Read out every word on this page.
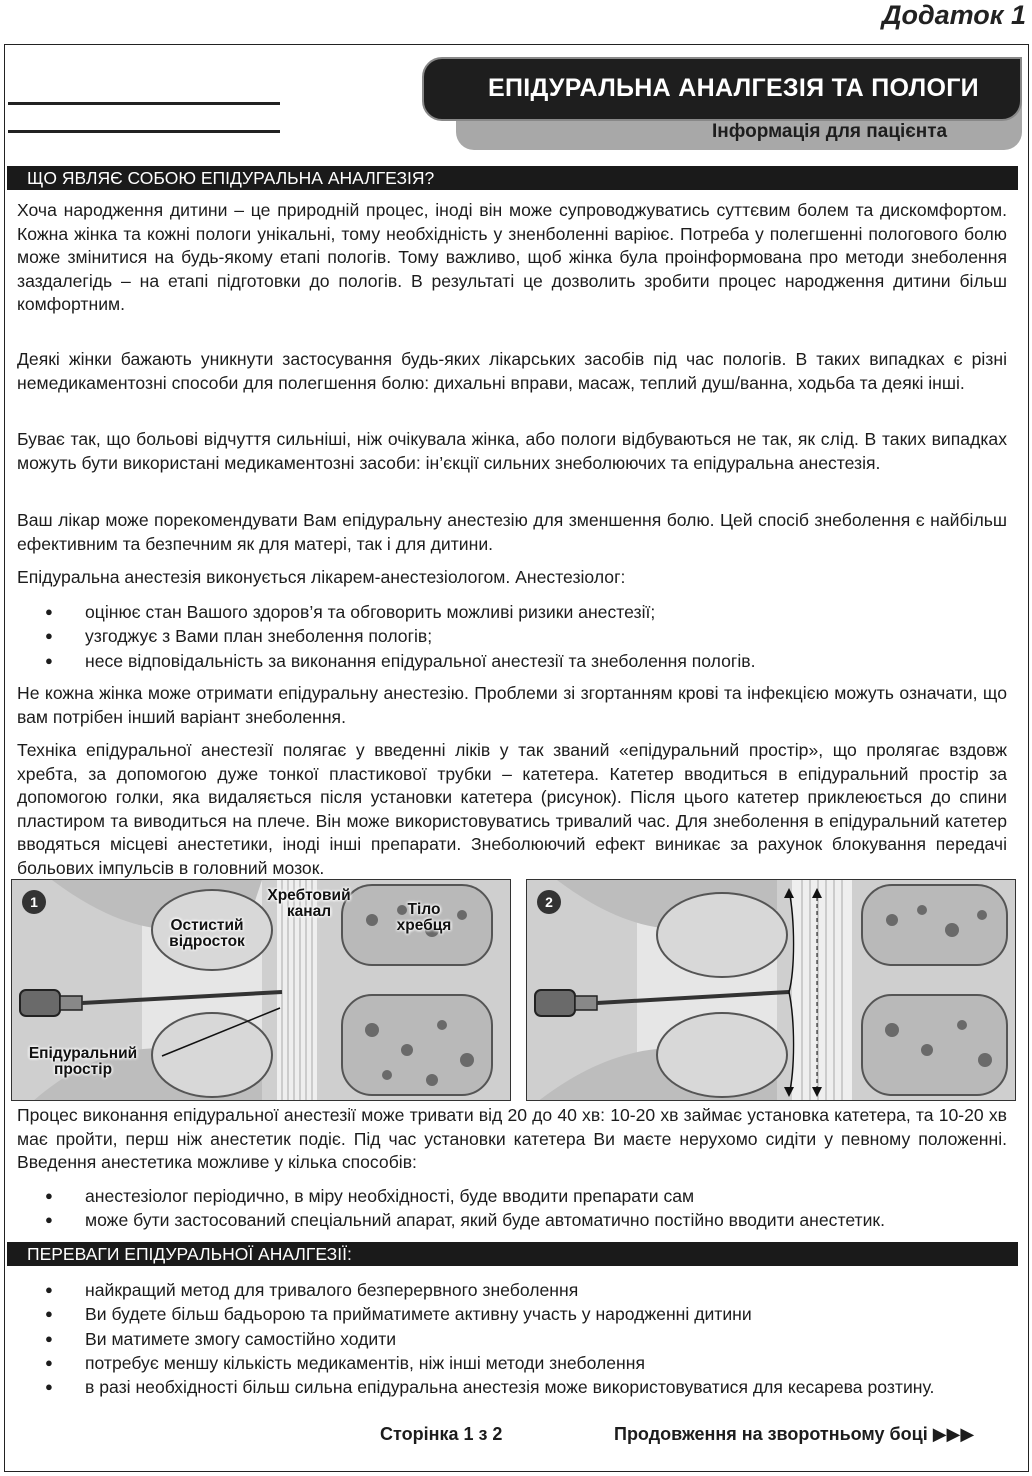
Додаток 1
ЕПІДУРАЛЬНА АНАЛГЕЗІЯ ТА ПОЛОГИ
Інформація для пацієнта
ЩО ЯВЛЯЄ СОБОЮ ЕПІДУРАЛЬНА АНАЛГЕЗІЯ?

Хоча народження дитини – це природній процес, іноді він може супроводжуватись суттєвим болем та дискомфортом. Кожна жінка та кожні пологи унікальні, тому необхідність у зненболенні варіює. Потреба у полегшенні пологового болю може змінитися на будь-якому етапі пологів. Тому важливо, щоб жінка була проінформована про методи знеболення заздалегідь – на етапі підготовки до пологів. В результаті це дозволить зробити процес народження дитини більш комфортним.

Деякі жінки бажають уникнути застосування будь-яких лікарських засобів під час пологів. В таких випадках є різні немедикаментозні способи для полегшення болю: дихальні вправи, масаж, теплий душ/ванна, ходьба та деякі інші.

Буває так, що больові відчуття сильніші, ніж очікувала жінка, або пологи відбуваються не так, як слід. В таких випадках можуть бути використані медикаментозні засоби: ін’єкції сильних знеболюючих та епідуральна анестезія.

Ваш лікар може порекомендувати Вам епідуральну анестезію для зменшення болю. Цей спосіб знеболення є найбільш ефективним та безпечним як для матері, так і для дитини.

Епідуральна анестезія виконується лікарем-анестезіологом. Анестезіолог:

● оцінює стан Вашого здоров’я та обговорить можливі ризики анестезії;
● узгоджує з Вами план знеболення пологів;
● несе відповідальність за виконання епідуральної анестезії та знеболення пологів.

Не кожна жінка може отримати епідуральну анестезію. Проблеми зі згортанням крові та інфекцією можуть означати, що вам потрібен інший варіант знеболення.

Техніка епідуральної анестезії полягає у введенні ліків у так званий «епідуральний простір», що пролягає вздовж хребта, за допомогою дуже тонкої пластикової трубки – катетера. Катетер вводиться в епідуральний простір за допомогою голки, яка видаляється після установки катетера (рисунок). Після цього катетер приклеюється до спини пластиром та виводиться на плече. Він може використовуватись тривалий час. Для знеболення в епідуральний катетер вводяться місцеві анестетики, іноді інші препарати. Знеболюючий ефект виникає за рахунок блокування передачі больових імпульсів в головний мозок.

1
Остистий відросток
Хребтовий канал	Тіло хребця
Епідуральний простір
2

Процес виконання епідуральної анестезії може тривати від 20 до 40 хв: 10-20 хв займає установка катетера, та 10-20 хв має пройти, перш ніж анестетик подіє. Під час установки катетера Ви маєте нерухомо сидіти у певному положенні. Введення анестетика можливе у кілька способів:

● анестезіолог періодично, в міру необхідності, буде вводити препарати сам
● може бути застосований спеціальний апарат, який буде автоматично постійно вводити анестетик.
ПЕРЕВАГИ ЕПІДУРАЛЬНОЇ АНАЛГЕЗІЇ:
● найкращий метод для тривалого безперервного знеболення
● Ви будете більш бадьорою та прийматимете активну участь у народженні дитини
● Ви матимете змогу самостійно ходити
● потребує меншу кількість медикаментів, ніж інші методи знеболення
● в разі необхідності більш сильна епідуральна анестезія може використовуватися для кесарева розтину.
Сторінка 1 з 2	Продовження на зворотньому боці ▶▶▶
